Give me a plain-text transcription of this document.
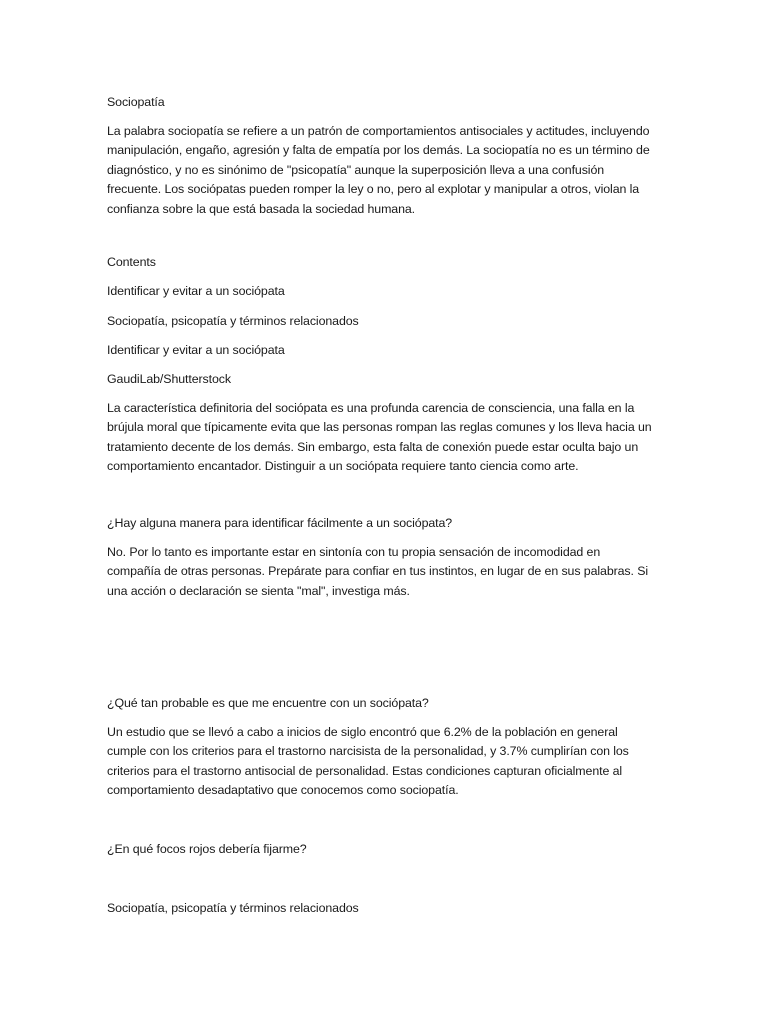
Sociopatía

La palabra sociopatía se refiere a un patrón de comportamientos antisociales y actitudes, incluyendo manipulación, engaño, agresión y falta de empatía por los demás. La sociopatía no es un término de diagnóstico, y no es sinónimo de "psicopatía" aunque la superposición lleva a una confusión frecuente. Los sociópatas pueden romper la ley o no, pero al explotar y manipular a otros, violan la confianza sobre la que está basada la sociedad humana.

Contents

Identificar y evitar a un sociópata

Sociopatía, psicopatía y términos relacionados

Identificar y evitar a un sociópata

GaudiLab/Shutterstock

La característica definitoria del sociópata es una profunda carencia de consciencia, una falla en la brújula moral que típicamente evita que las personas rompan las reglas comunes y los lleva hacia un tratamiento decente de los demás. Sin embargo, esta falta de conexión puede estar oculta bajo un comportamiento encantador. Distinguir a un sociópata requiere tanto ciencia como arte.

¿Hay alguna manera para identificar fácilmente a un sociópata?

No. Por lo tanto es importante estar en sintonía con tu propia sensación de incomodidad en compañía de otras personas. Prepárate para confiar en tus instintos, en lugar de en sus palabras. Si una acción o declaración se sienta "mal", investiga más.

¿Qué tan probable es que me encuentre con un sociópata?

Un estudio que se llevó a cabo a inicios de siglo encontró que 6.2% de la población en general cumple con los criterios para el trastorno narcisista de la personalidad, y 3.7% cumplirían con los criterios para el trastorno antisocial de personalidad. Estas condiciones capturan oficialmente al comportamiento desadaptativo que conocemos como sociopatía.

¿En qué focos rojos debería fijarme?

Sociopatía, psicopatía y términos relacionados
